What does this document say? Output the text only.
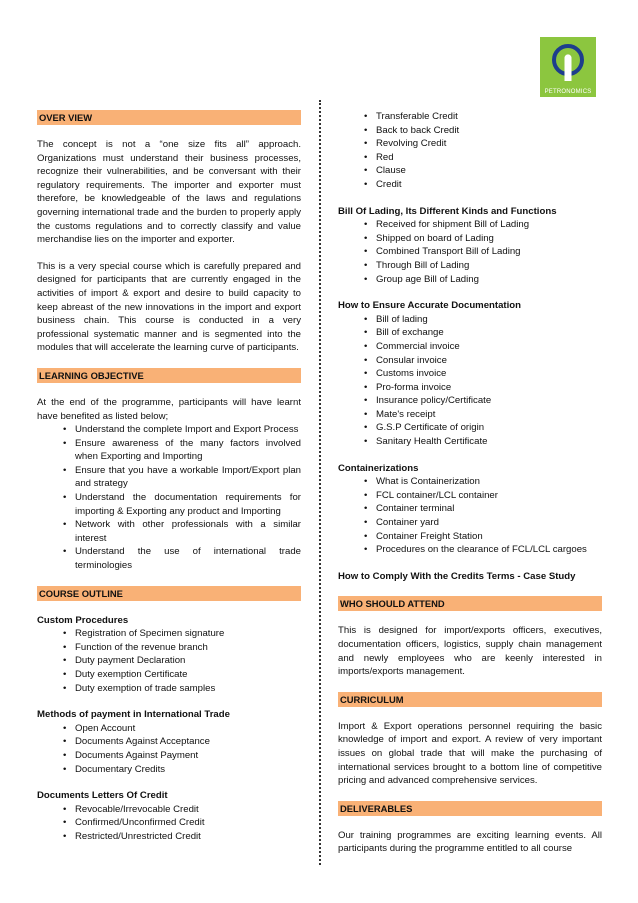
PETRONOMICS
OVER VIEW

The concept is not a “one size fits all” approach. Organizations must understand their business processes, recognize their vulnerabilities, and be conversant with their regulatory requirements. The importer and exporter must therefore, be knowledgeable of the laws and regulations governing international trade and the burden to properly apply the customs regulations and to correctly classify and value merchandise lies on the importer and exporter.

This is a very special course which is carefully prepared and designed for participants that are currently engaged in the activities of import & export and desire to build capacity to keep abreast of the new innovations in the import and export business chain. This course is conducted in a very professional systematic manner and is segmented into the modules that will accelerate the learning curve of participants.

LEARNING OBJECTIVE

At the end of the programme, participants will have learnt have benefited as listed below;

• Understand the complete Import and Export Process
• Ensure awareness of the many factors involved when Exporting and Importing
• Ensure that you have a workable Import/Export plan and strategy
• Understand the documentation requirements for importing & Exporting any product and Importing
• Network with other professionals with a similar interest
• Understand the use of international trade terminologies
COURSE OUTLINE

Custom Procedures

• Registration of Specimen signature
• Function of the revenue branch
• Duty payment Declaration
• Duty exemption Certificate
• Duty exemption of trade samples

Methods of payment in International Trade

• Open Account
• Documents Against Acceptance
• Documents Against Payment
• Documentary Credits

Documents Letters Of Credit

• Revocable/Irrevocable Credit
• Confirmed/Unconfirmed Credit
• Restricted/Unrestricted Credit
• Transferable Credit
• Back to back Credit
• Revolving Credit
• Red
• Clause
• Credit

Bill Of Lading, Its Different Kinds and Functions

• Received for shipment Bill of Lading
• Shipped on board of Lading
• Combined Transport Bill of Lading
• Through Bill of Lading
• Group age Bill of Lading

How to Ensure Accurate Documentation

• Bill of lading
• Bill of exchange
• Commercial invoice
• Consular invoice
• Customs invoice
• Pro-forma invoice
• Insurance policy/Certificate
• Mate's receipt
• G.S.P Certificate of origin
• Sanitary Health Certificate

Containerizations

• What is Containerization
• FCL container/LCL container
• Container terminal
• Container yard
• Container Freight Station
• Procedures on the clearance of FCL/LCL cargoes

How to Comply With the Credits Terms - Case Study

WHO SHOULD ATTEND

This is designed for import/exports officers, executives, documentation officers, logistics, supply chain management and newly employees who are keenly interested in imports/exports management.

CURRICULUM

Import & Export operations personnel requiring the basic knowledge of import and export. A review of very important issues on global trade that will make the purchasing of international services brought to a bottom line of competitive pricing and advanced comprehensive services.

DELIVERABLES

Our training programmes are exciting learning events. All participants during the programme entitled to all course
